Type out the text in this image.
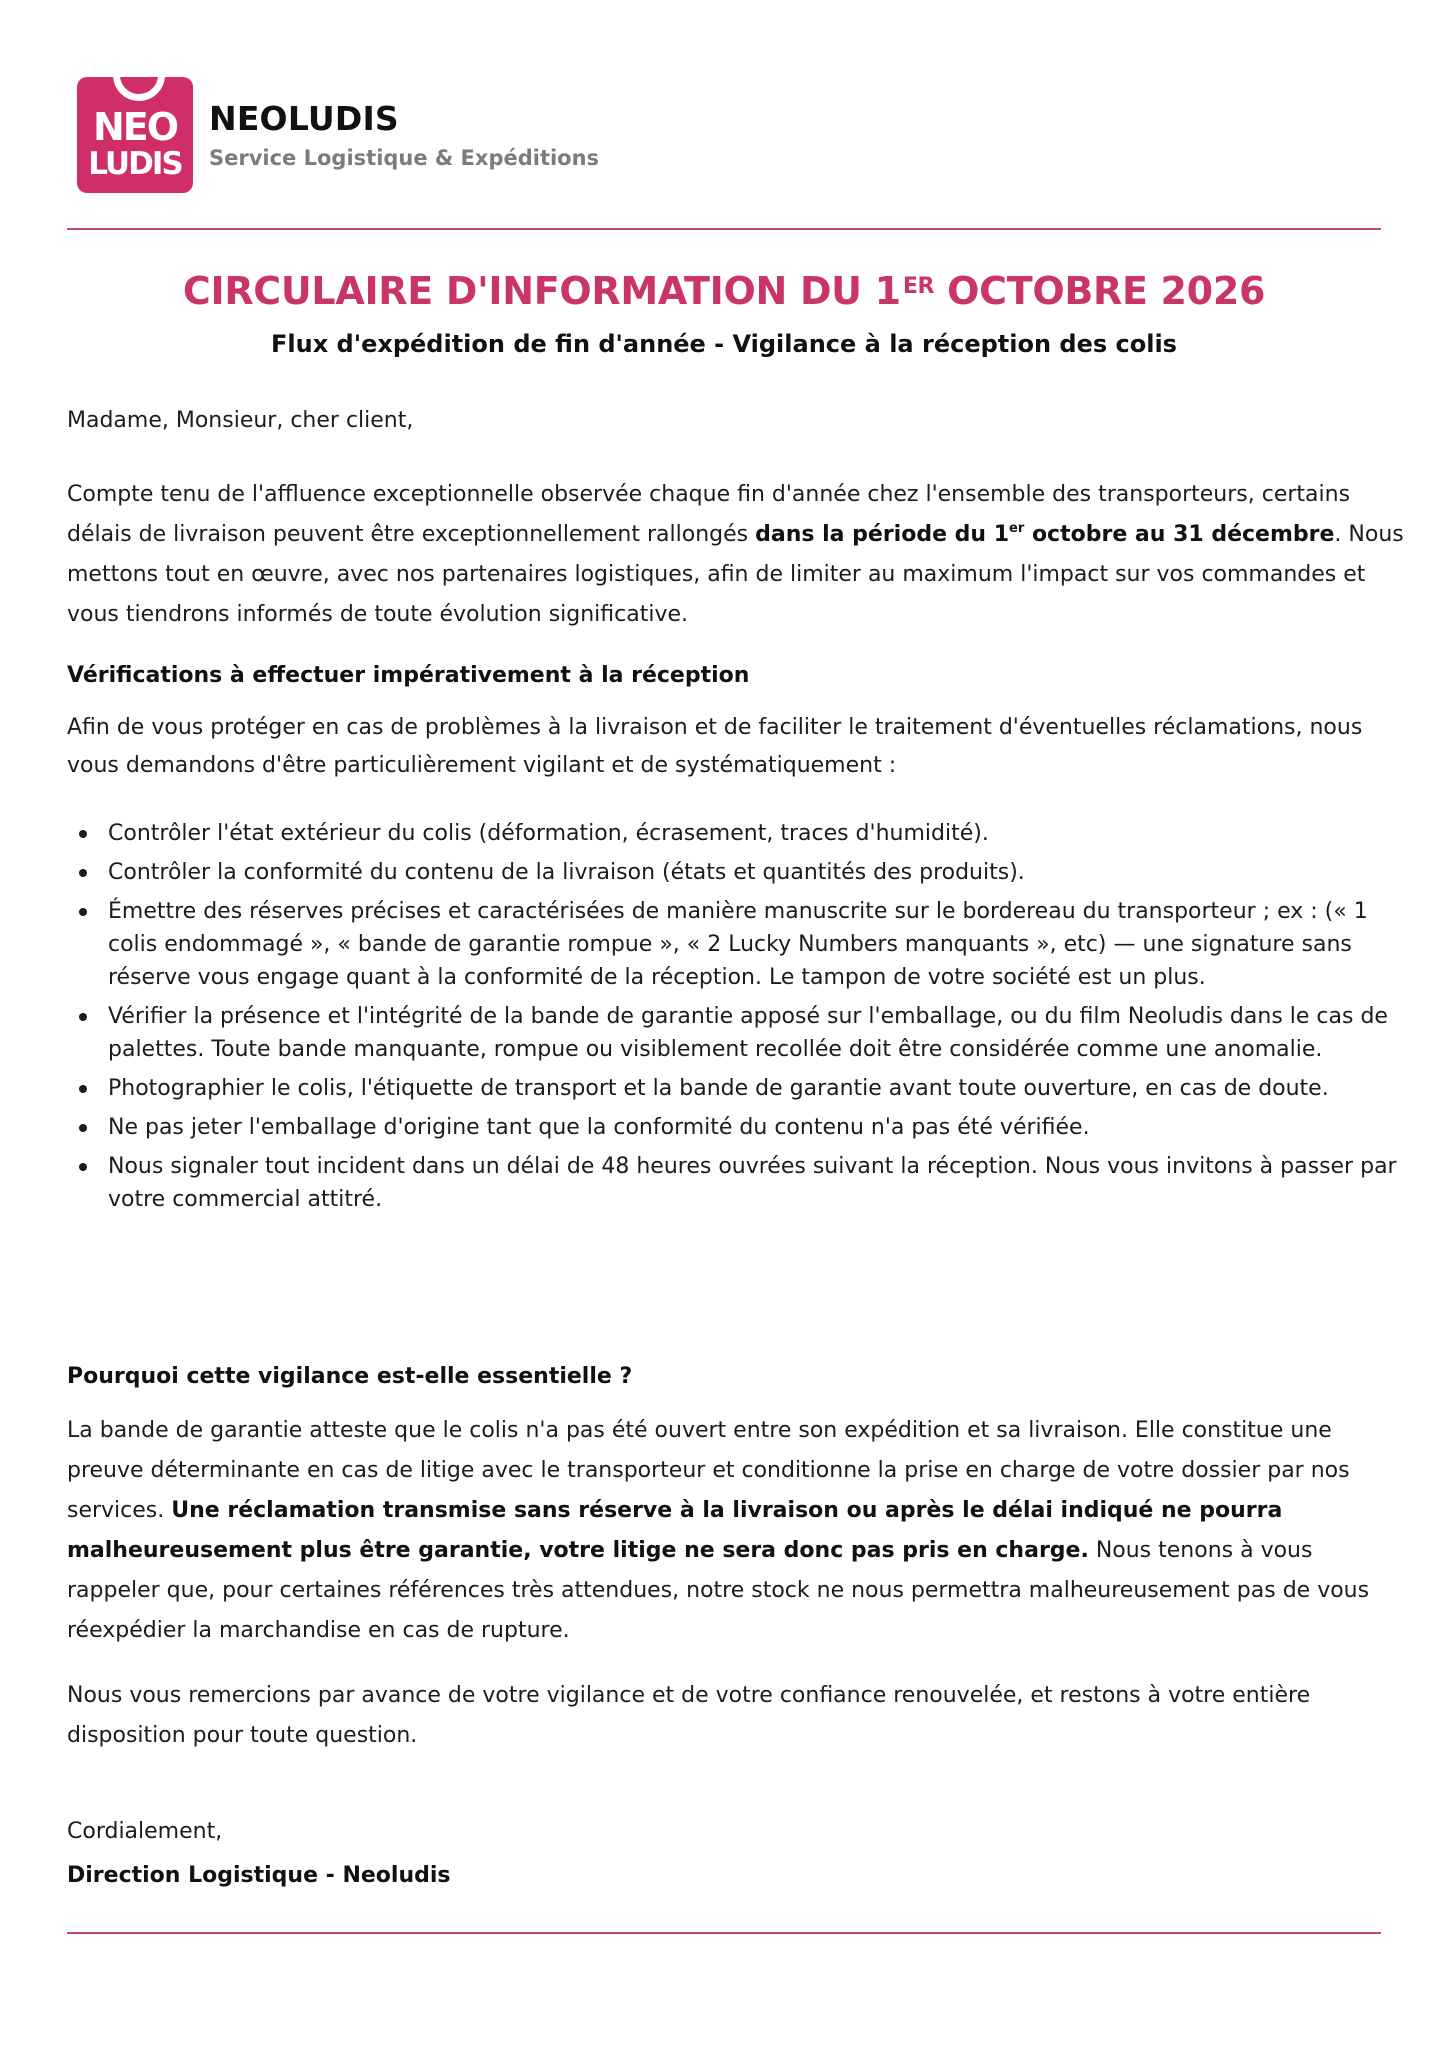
NEO
LUDIS
NEOLUDIS
Service Logistique & Expéditions
CIRCULAIRE D'INFORMATION DU 1ER OCTOBRE 2026
Flux d'expédition de fin d'année - Vigilance à la réception des colis
Madame, Monsieur, cher client,
Compte tenu de l'affluence exceptionnelle observée chaque fin d'année chez l'ensemble des transporteurs, certains délais de livraison peuvent être exceptionnellement rallongés dans la période du 1er octobre au 31 décembre. Nous mettons tout en œuvre, avec nos partenaires logistiques, afin de limiter au maximum l'impact sur vos commandes et vous tiendrons informés de toute évolution significative.
Vérifications à effectuer impérativement à la réception
Afin de vous protéger en cas de problèmes à la livraison et de faciliter le traitement d'éventuelles réclamations, nous vous demandons d'être particulièrement vigilant et de systématiquement :
Contrôler l'état extérieur du colis (déformation, écrasement, traces d'humidité).
Contrôler la conformité du contenu de la livraison (états et quantités des produits).
Émettre des réserves précises et caractérisées de manière manuscrite sur le bordereau du transporteur ; ex : (« 1 colis endommagé », « bande de garantie rompue », « 2 Lucky Numbers manquants », etc) — une signature sans réserve vous engage quant à la conformité de la réception. Le tampon de votre société est un plus.
Vérifier la présence et l'intégrité de la bande de garantie apposé sur l'emballage, ou du film Neoludis dans le cas de palettes. Toute bande manquante, rompue ou visiblement recollée doit être considérée comme une anomalie.
Photographier le colis, l'étiquette de transport et la bande de garantie avant toute ouverture, en cas de doute.
Ne pas jeter l'emballage d'origine tant que la conformité du contenu n'a pas été vérifiée.
Nous signaler tout incident dans un délai de 48 heures ouvrées suivant la réception. Nous vous invitons à passer par votre commercial attitré.
Pourquoi cette vigilance est-elle essentielle ?
La bande de garantie atteste que le colis n'a pas été ouvert entre son expédition et sa livraison. Elle constitue une preuve déterminante en cas de litige avec le transporteur et conditionne la prise en charge de votre dossier par nos services. Une réclamation transmise sans réserve à la livraison ou après le délai indiqué ne pourra malheureusement plus être garantie, votre litige ne sera donc pas pris en charge. Nous tenons à vous rappeler que, pour certaines références très attendues, notre stock ne nous permettra malheureusement pas de vous réexpédier la marchandise en cas de rupture.
Nous vous remercions par avance de votre vigilance et de votre confiance renouvelée, et restons à votre entière disposition pour toute question.
Cordialement,
Direction Logistique - Neoludis
